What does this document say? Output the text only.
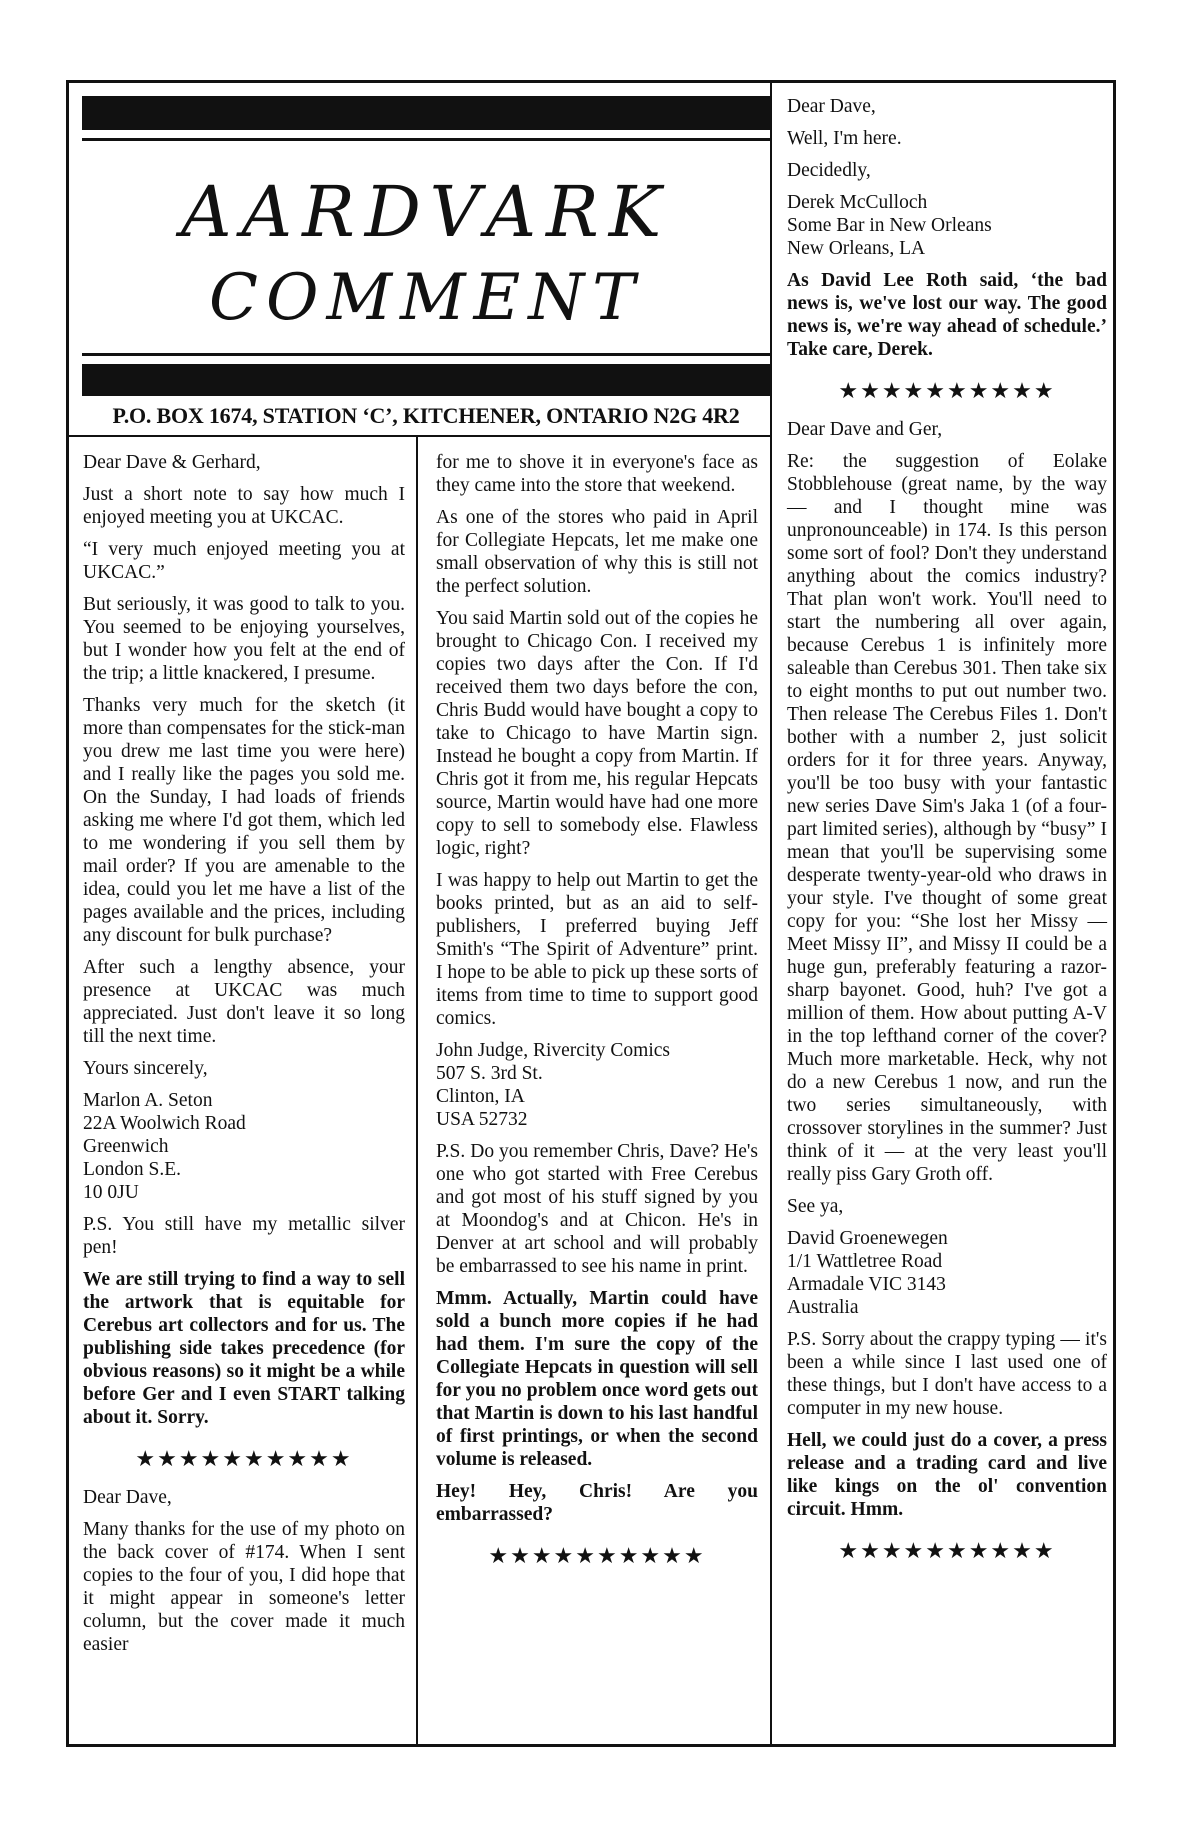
AARDVARK
COMMENT
P.O. BOX 1674, STATION ‘C’, KITCHENER, ONTARIO N2G 4R2

Dear Dave & Gerhard,

Just a short note to say how much I enjoyed meeting you at UKCAC.

“I very much enjoyed meeting you at UKCAC.”

But seriously, it was good to talk to you. You seemed to be enjoying yourselves, but I wonder how you felt at the end of the trip; a little knackered, I presume.

Thanks very much for the sketch (it more than compensates for the stick-man you drew me last time you were here) and I really like the pages you sold me. On the Sunday, I had loads of friends asking me where I'd got them, which led to me wondering if you sell them by mail order? If you are amenable to the idea, could you let me have a list of the pages available and the prices, including any discount for bulk purchase?

After such a lengthy absence, your presence at UKCAC was much appreciated. Just don't leave it so long till the next time.

Yours sincerely,

Marlon A. Seton
22A Woolwich Road
Greenwich
London S.E.
10 0JU

P.S. You still have my metallic silver pen!

We are still trying to find a way to sell the artwork that is equitable for Cerebus art collectors and for us. The publishing side takes precedence (for obvious reasons) so it might be a while before Ger and I even START talking about it. Sorry.

★★★★★★★★★★

Dear Dave,

Many thanks for the use of my photo on the back cover of #174. When I sent copies to the four of you, I did hope that it might appear in someone's letter column, but the cover made it much easier

for me to shove it in everyone's face as they came into the store that weekend.

As one of the stores who paid in April for Collegiate Hepcats, let me make one small observation of why this is still not the perfect solution.

You said Martin sold out of the copies he brought to Chicago Con. I received my copies two days after the Con. If I'd received them two days before the con, Chris Budd would have bought a copy to take to Chicago to have Martin sign. Instead he bought a copy from Martin. If Chris got it from me, his regular Hepcats source, Martin would have had one more copy to sell to somebody else. Flawless logic, right?

I was happy to help out Martin to get the books printed, but as an aid to self-publishers, I preferred buying Jeff Smith's “The Spirit of Adventure” print. I hope to be able to pick up these sorts of items from time to time to support good comics.

John Judge, Rivercity Comics
507 S. 3rd St.
Clinton, IA
USA 52732

P.S. Do you remember Chris, Dave? He's one who got started with Free Cerebus and got most of his stuff signed by you at Moondog's and at Chicon. He's in Denver at art school and will probably be embarrassed to see his name in print.

Mmm. Actually, Martin could have sold a bunch more copies if he had had them. I'm sure the copy of the Collegiate Hepcats in question will sell for you no problem once word gets out that Martin is down to his last handful of first printings, or when the second volume is released.

Hey! Hey, Chris! Are you embarrassed?

★★★★★★★★★★

Dear Dave,

Well, I'm here.

Decidedly,

Derek McCulloch
Some Bar in New Orleans
New Orleans, LA

As David Lee Roth said, ‘the bad news is, we've lost our way. The good news is, we're way ahead of schedule.’ Take care, Derek.

★★★★★★★★★★

Dear Dave and Ger,

Re: the suggestion of Eolake Stobblehouse (great name, by the way — and I thought mine was unpronounceable) in 174. Is this person some sort of fool? Don't they understand anything about the comics industry? That plan won't work. You'll need to start the numbering all over again, because Cerebus 1 is infinitely more saleable than Cerebus 301. Then take six to eight months to put out number two. Then release The Cerebus Files 1. Don't bother with a number 2, just solicit orders for it for three years. Anyway, you'll be too busy with your fantastic new series Dave Sim's Jaka 1 (of a four-part limited series), although by “busy” I mean that you'll be supervising some desperate twenty-year-old who draws in your style. I've thought of some great copy for you: “She lost her Missy — Meet Missy II”, and Missy II could be a huge gun, preferably featuring a razor-sharp bayonet. Good, huh? I've got a million of them. How about putting A-V in the top lefthand corner of the cover? Much more marketable. Heck, why not do a new Cerebus 1 now, and run the two series simultaneously, with crossover storylines in the summer? Just think of it — at the very least you'll really piss Gary Groth off.

See ya,

David Groenewegen
1/1 Wattletree Road
Armadale VIC 3143
Australia

P.S. Sorry about the crappy typing — it's been a while since I last used one of these things, but I don't have access to a computer in my new house.

Hell, we could just do a cover, a press release and a trading card and live like kings on the ol' convention circuit. Hmm.

★★★★★★★★★★
